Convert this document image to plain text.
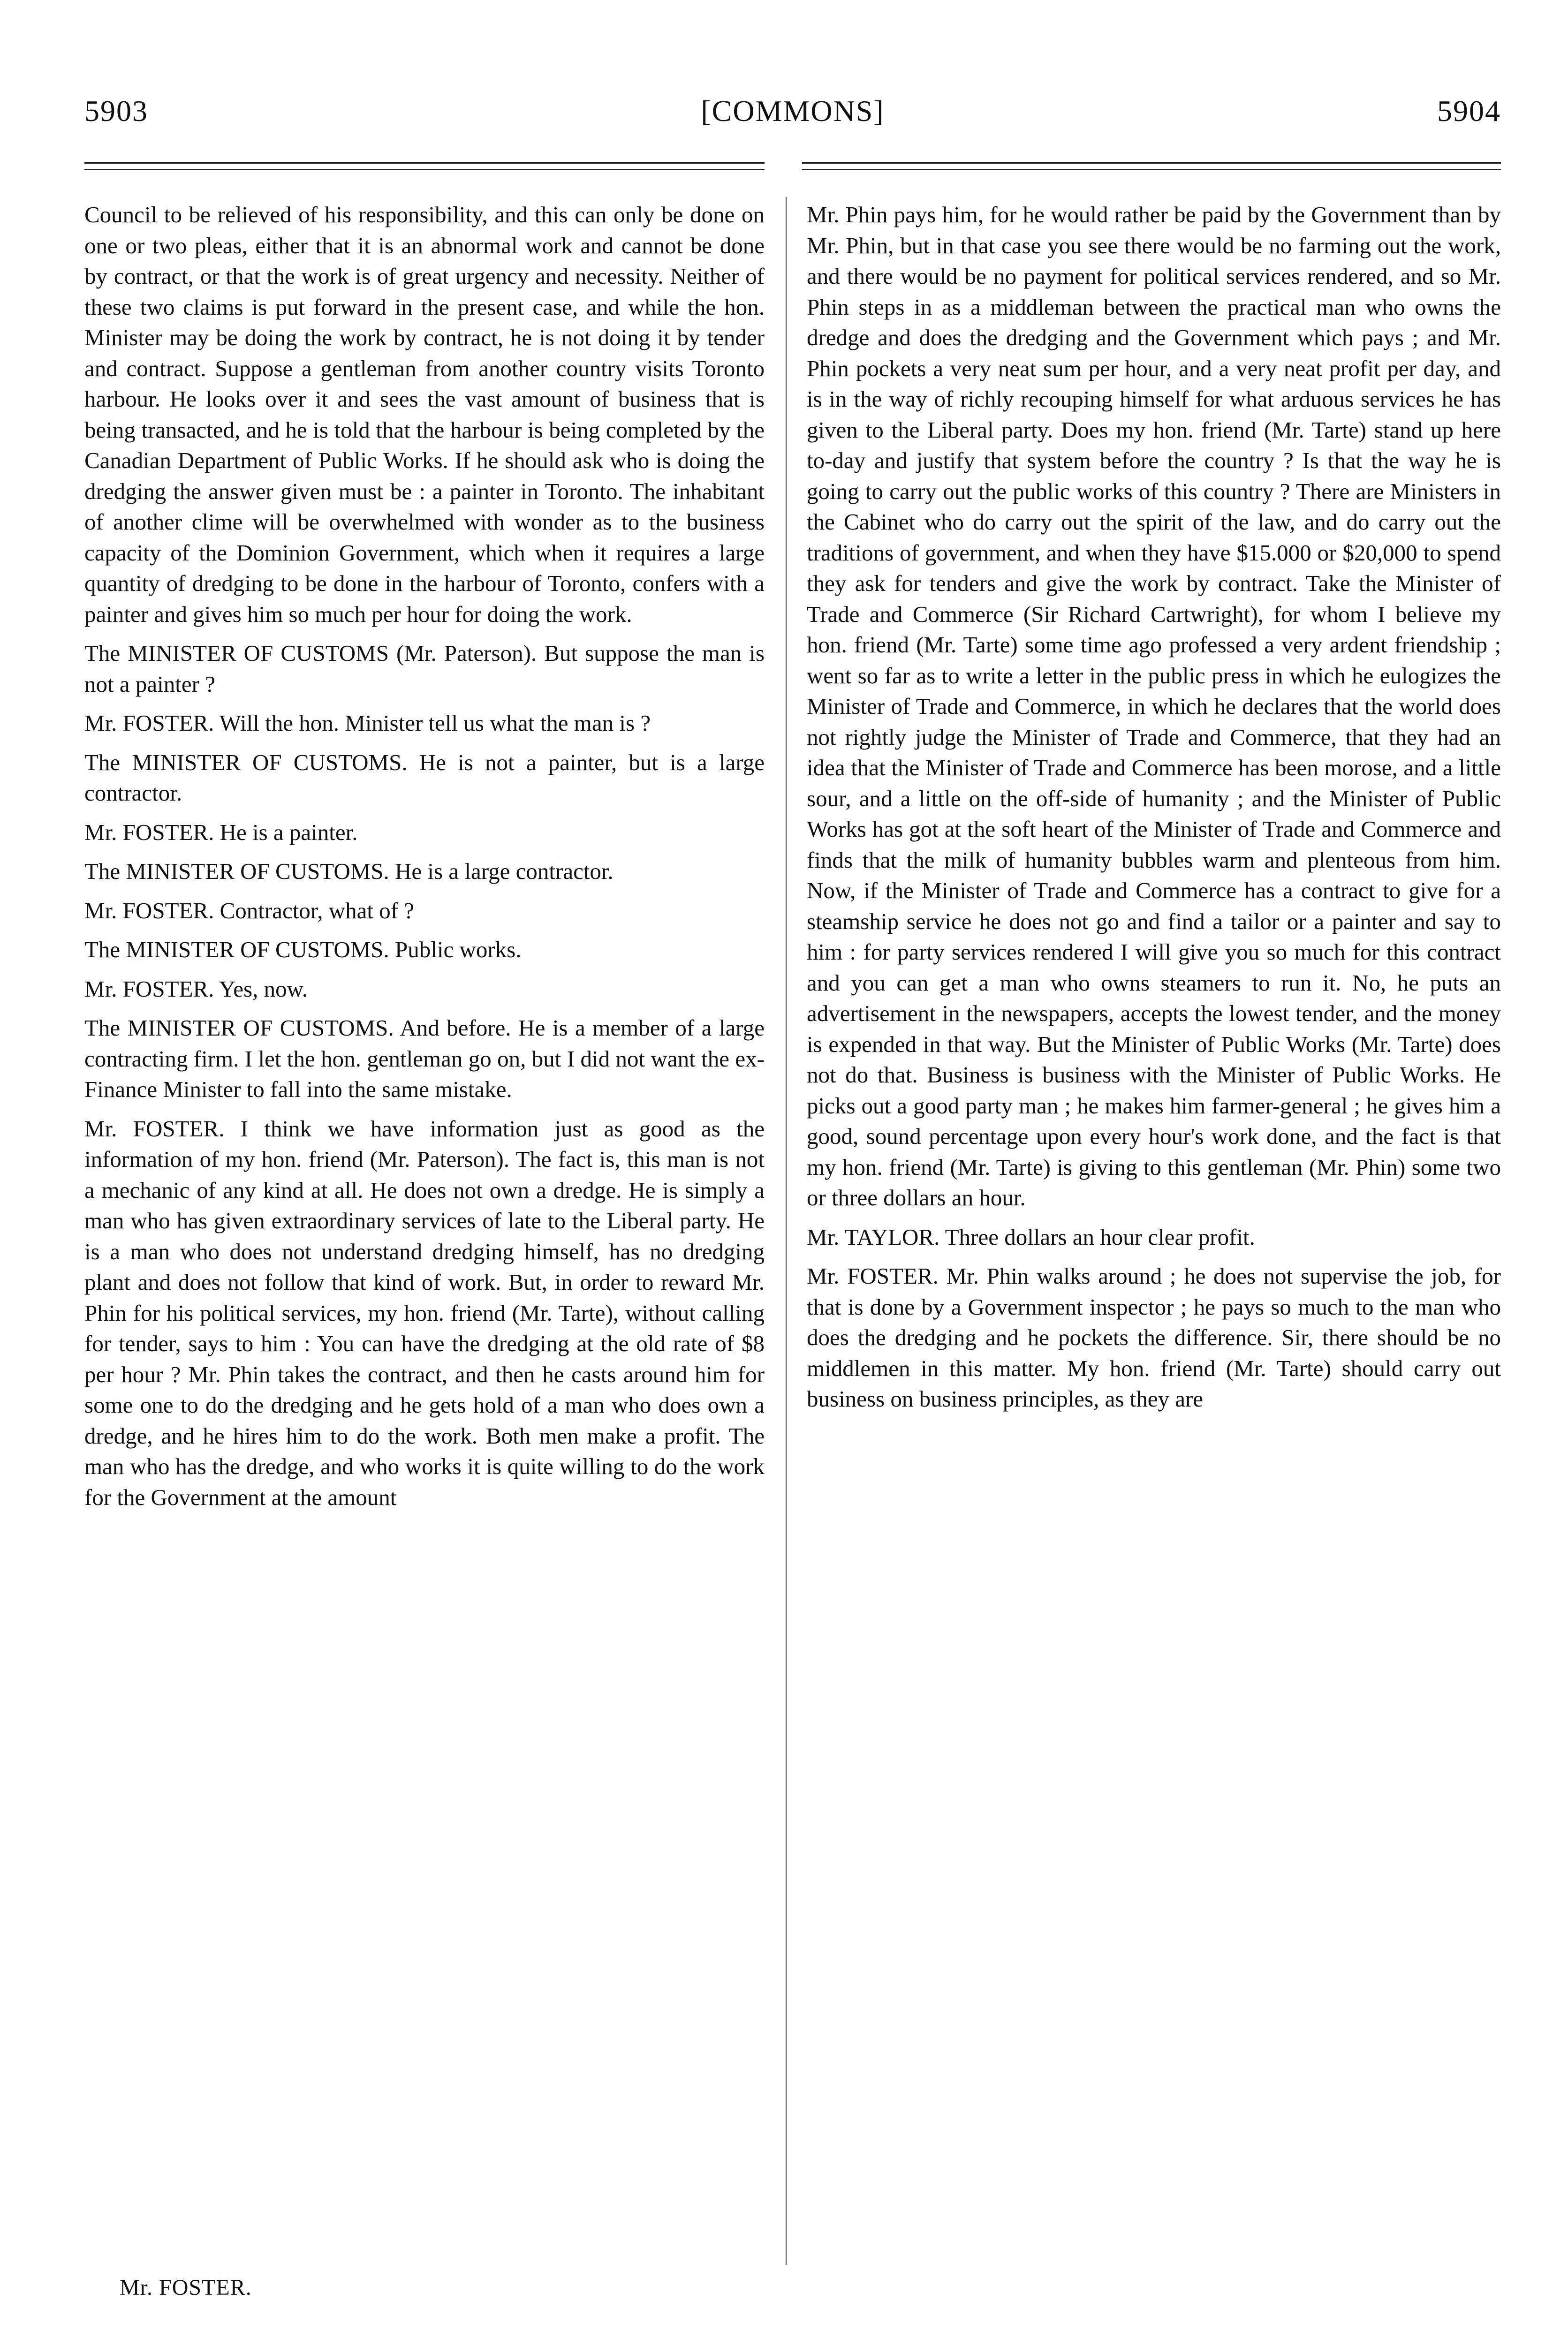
5903	[COMMONS]	5904

Council to be relieved of his responsibility, and this can only be done on one or two pleas, either that it is an abnormal work and cannot be done by contract, or that the work is of great urgency and necessity. Neither of these two claims is put forward in the present case, and while the hon. Minister may be doing the work by contract, he is not doing it by tender and contract. Suppose a gentleman from another country visits Toronto harbour. He looks over it and sees the vast amount of business that is being transacted, and he is told that the harbour is being completed by the Canadian Department of Public Works. If he should ask who is doing the dredging the answer given must be : a painter in Toronto. The inhabitant of another clime will be overwhelmed with wonder as to the business capacity of the Dominion Government, which when it requires a large quantity of dredging to be done in the harbour of Toronto, confers with a painter and gives him so much per hour for doing the work.

The MINISTER OF CUSTOMS (Mr. Paterson). But suppose the man is not a painter ?

Mr. FOSTER. Will the hon. Minister tell us what the man is ?

The MINISTER OF CUSTOMS. He is not a painter, but is a large contractor.

Mr. FOSTER. He is a painter.

The MINISTER OF CUSTOMS. He is a large contractor.

Mr. FOSTER. Contractor, what of ?

The MINISTER OF CUSTOMS. Public works.

Mr. FOSTER. Yes, now.

The MINISTER OF CUSTOMS. And before. He is a member of a large contracting firm. I let the hon. gentleman go on, but I did not want the ex-Finance Minister to fall into the same mistake.

Mr. FOSTER. I think we have information just as good as the information of my hon. friend (Mr. Paterson). The fact is, this man is not a mechanic of any kind at all. He does not own a dredge. He is simply a man who has given extraordinary services of late to the Liberal party. He is a man who does not understand dredging himself, has no dredging plant and does not follow that kind of work. But, in order to reward Mr. Phin for his political services, my hon. friend (Mr. Tarte), without calling for tender, says to him : You can have the dredging at the old rate of $8 per hour ? Mr. Phin takes the contract, and then he casts around him for some one to do the dredging and he gets hold of a man who does own a dredge, and he hires him to do the work. Both men make a profit. The man who has the dredge, and who works it is quite willing to do the work for the Government at the amount

Mr. Phin pays him, for he would rather be paid by the Government than by Mr. Phin, but in that case you see there would be no farming out the work, and there would be no payment for political services rendered, and so Mr. Phin steps in as a middleman between the practical man who owns the dredge and does the dredging and the Government which pays ; and Mr. Phin pockets a very neat sum per hour, and a very neat profit per day, and is in the way of richly recouping himself for what arduous services he has given to the Liberal party. Does my hon. friend (Mr. Tarte) stand up here to-day and justify that system before the country ? Is that the way he is going to carry out the public works of this country ? There are Ministers in the Cabinet who do carry out the spirit of the law, and do carry out the traditions of government, and when they have $15.000 or $20,000 to spend they ask for tenders and give the work by contract. Take the Minister of Trade and Commerce (Sir Richard Cartwright), for whom I believe my hon. friend (Mr. Tarte) some time ago professed a very ardent friendship ; went so far as to write a letter in the public press in which he eulogizes the Minister of Trade and Commerce, in which he declares that the world does not rightly judge the Minister of Trade and Commerce, that they had an idea that the Minister of Trade and Commerce has been morose, and a little sour, and a little on the off-side of humanity ; and the Minister of Public Works has got at the soft heart of the Minister of Trade and Commerce and finds that the milk of humanity bubbles warm and plenteous from him. Now, if the Minister of Trade and Commerce has a contract to give for a steamship service he does not go and find a tailor or a painter and say to him : for party services rendered I will give you so much for this contract and you can get a man who owns steamers to run it. No, he puts an advertisement in the newspapers, accepts the lowest tender, and the money is expended in that way. But the Minister of Public Works (Mr. Tarte) does not do that. Business is business with the Minister of Public Works. He picks out a good party man ; he makes him farmer-general ; he gives him a good, sound percentage upon every hour's work done, and the fact is that my hon. friend (Mr. Tarte) is giving to this gentleman (Mr. Phin) some two or three dollars an hour.

Mr. TAYLOR. Three dollars an hour clear profit.

Mr. FOSTER. Mr. Phin walks around ; he does not supervise the job, for that is done by a Government inspector ; he pays so much to the man who does the dredging and he pockets the difference. Sir, there should be no middlemen in this matter. My hon. friend (Mr. Tarte) should carry out business on business principles, as they are

Mr. FOSTER.
